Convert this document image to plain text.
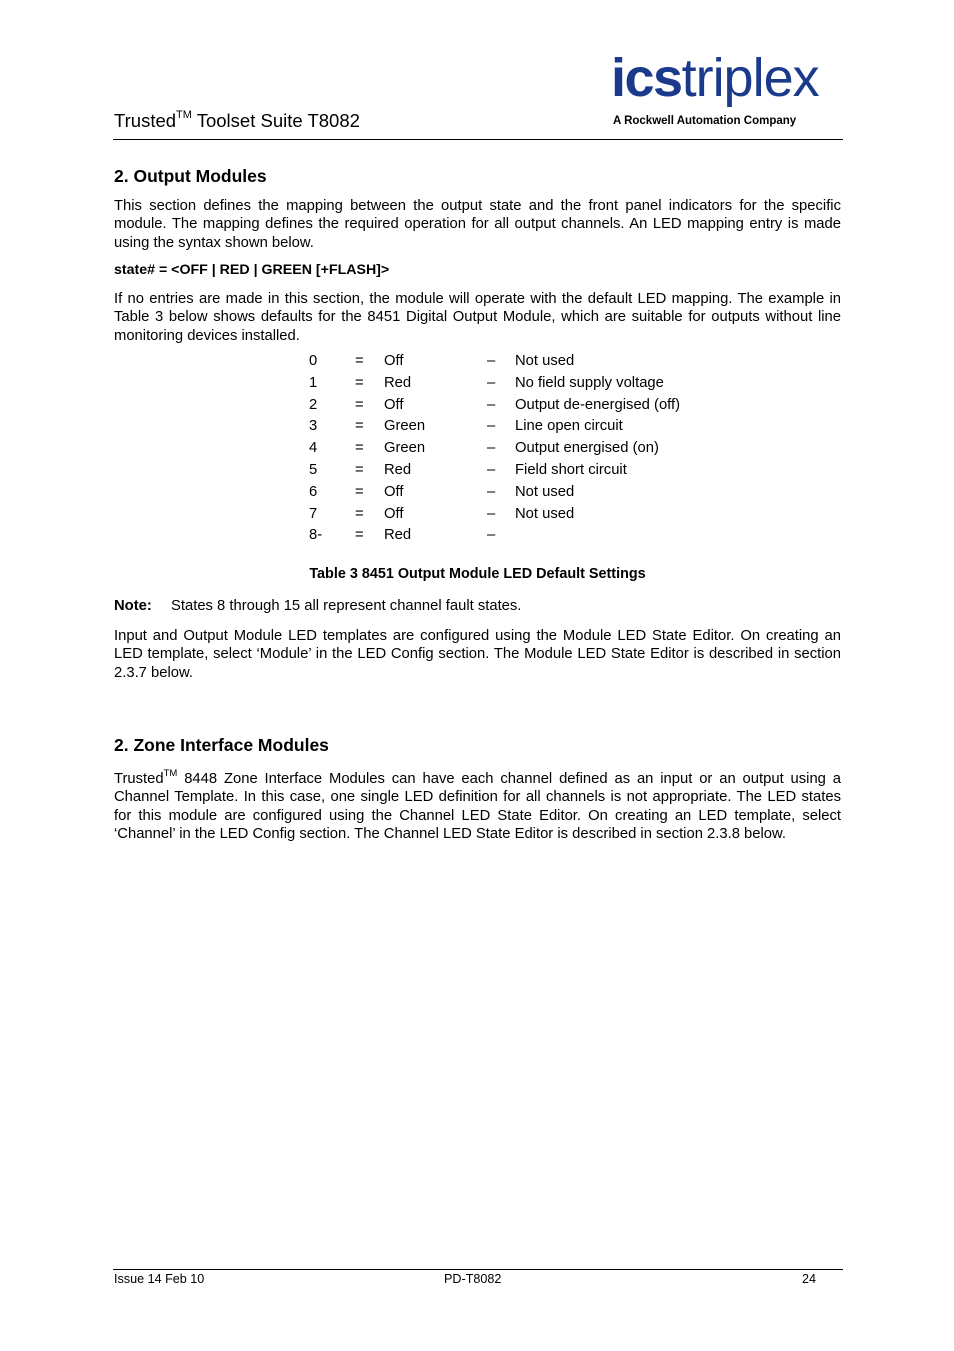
Trusted™ Toolset Suite T8082
icstriplex
A Rockwell Automation Company
2. Output Modules

This section defines the mapping between the output state and the front panel indicators for the specific module. The mapping defines the required operation for all output channels. An LED mapping entry is made using the syntax shown below.

state# = <OFF | RED | GREEN [+FLASH]>

If no entries are made in this section, the module will operate with the default LED mapping. The example in Table 3 below shows defaults for the 8451 Digital Output Module, which are suitable for outputs without line monitoring devices installed.

0	= Off	– Not used
1	= Red	– No field supply voltage
2	= Off	– Output de-energised (off)
3	= Green	– Line open circuit
4	= Green	– Output energised (on)
5	= Red	– Field short circuit
6	= Off	– Not used
7	= Off	– Not used
8- = Red	–
Table 3 8451 Output Module LED Default Settings
Note: States 8 through 15 all represent channel fault states.

Input and Output Module LED templates are configured using the Module LED State Editor. On creating an LED template, select ‘Module’ in the LED Config section. The Module LED State Editor is described in section 2.3.7 below.

2. Zone Interface Modules

Trusted™ 8448 Zone Interface Modules can have each channel defined as an input or an output using a Channel Template. In this case, one single LED definition for all channels is not appropriate. The LED states for this module are configured using the Channel LED State Editor. On creating an LED template, select ‘Channel’ in the LED Config section. The Channel LED State Editor is described in section 2.3.8 below.

Issue 14 Feb 10	PD-T8082	24
